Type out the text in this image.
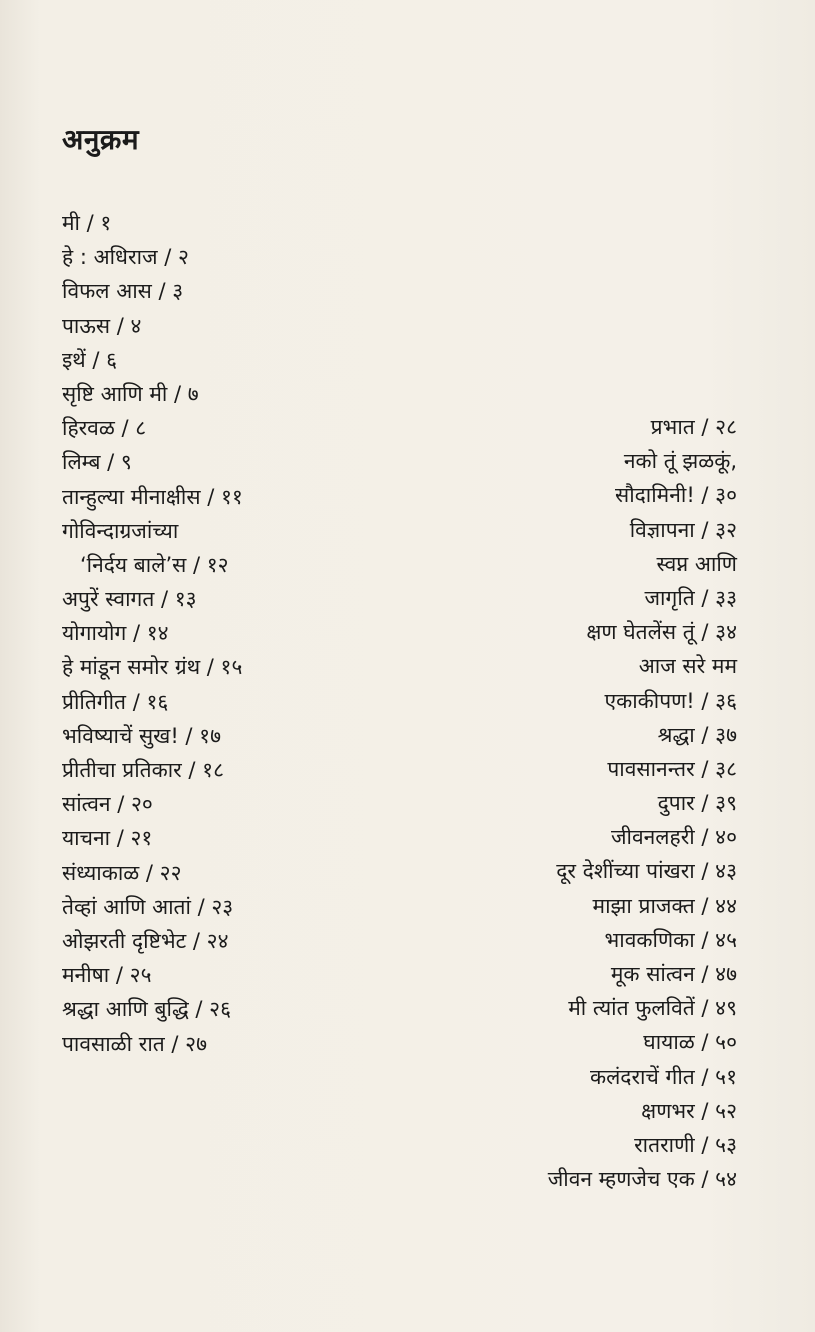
अनुक्रम
मी / १
हे : अधिराज / २
विफल आस / ३
पाऊस / ४
इथें / ६
सृष्टि आणि मी / ७
हिरवळ / ८
लिम्ब / ९
तान्हुल्या मीनाक्षीस / ११
गोविन्दाग्रजांच्या
‘निर्दय बाले’स / १२
अपुरें स्वागत / १३
योगायोग / १४
हे मांडून समोर ग्रंथ / १५
प्रीतिगीत / १६
भविष्याचें सुख! / १७
प्रीतीचा प्रतिकार / १८
सांत्वन / २०
याचना / २१
संध्याकाळ / २२
तेव्हां आणि आतां / २३
ओझरती दृष्टिभेट / २४
मनीषा / २५
श्रद्धा आणि बुद्धि / २६
पावसाळी रात / २७
प्रभात / २८
नको तूं झळकूं,
सौदामिनी! / ३०
विज्ञापना / ३२
स्वप्न आणि
जागृति / ३३
क्षण घेतलेंस तूं / ३४
आज सरे मम
एकाकीपण! / ३६
श्रद्धा / ३७
पावसानन्तर / ३८
दुपार / ३९
जीवनलहरी / ४०
दूर देशींच्या पांखरा / ४३
माझा प्राजक्त / ४४
भावकणिका / ४५
मूक सांत्वन / ४७
मी त्यांत फुलवितें / ४९
घायाळ / ५०
कलंदराचें गीत / ५१
क्षणभर / ५२
रातराणी / ५३
जीवन म्हणजेच एक / ५४
